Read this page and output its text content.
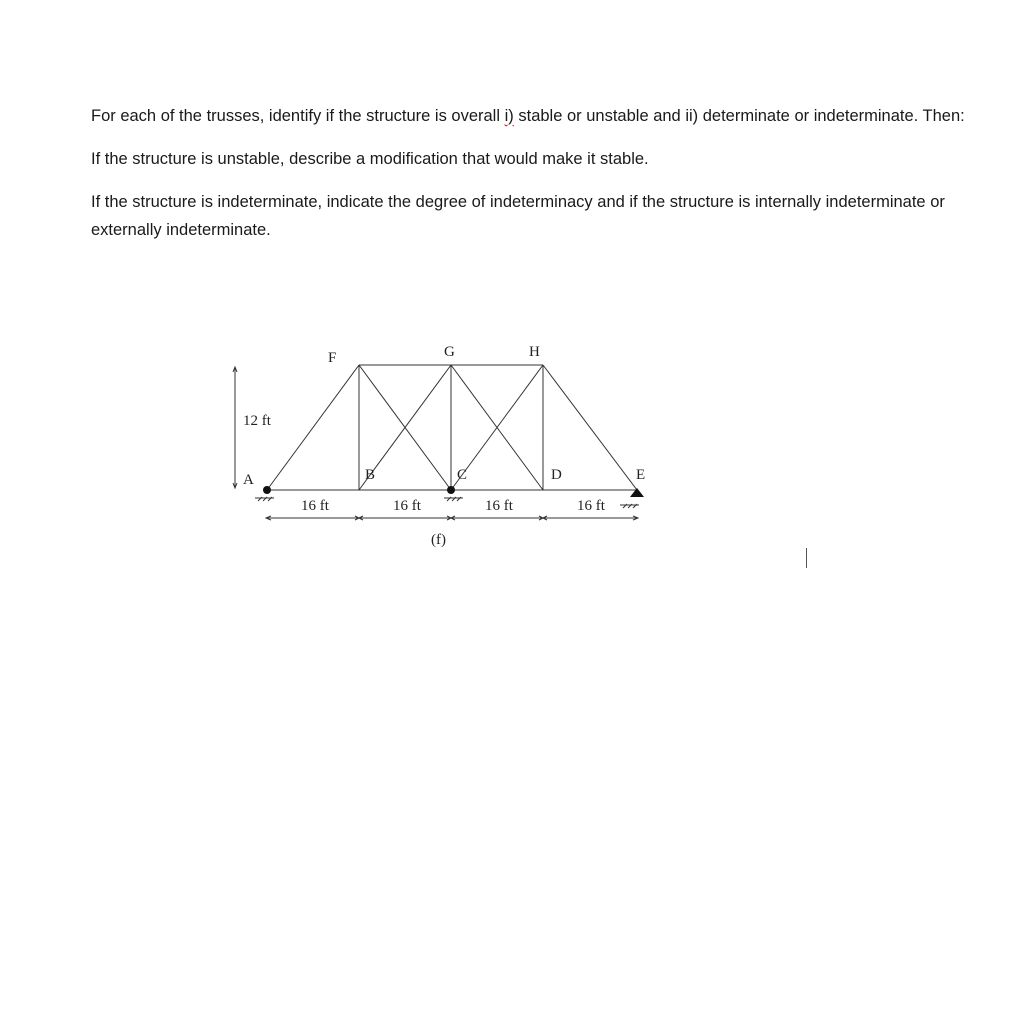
For each of the trusses, identify if the structure is overall i) stable or unstable and ii) determinate or indeterminate. Then:

If the structure is unstable, describe a modification that would make it stable.

If the structure is indeterminate, indicate the degree of indeterminacy and if the structure is internally indeterminate or externally indeterminate.

F	G	H
A	B	C	D	E
12 ft
16 ft	16 ft	16 ft	16 ft
(f)
